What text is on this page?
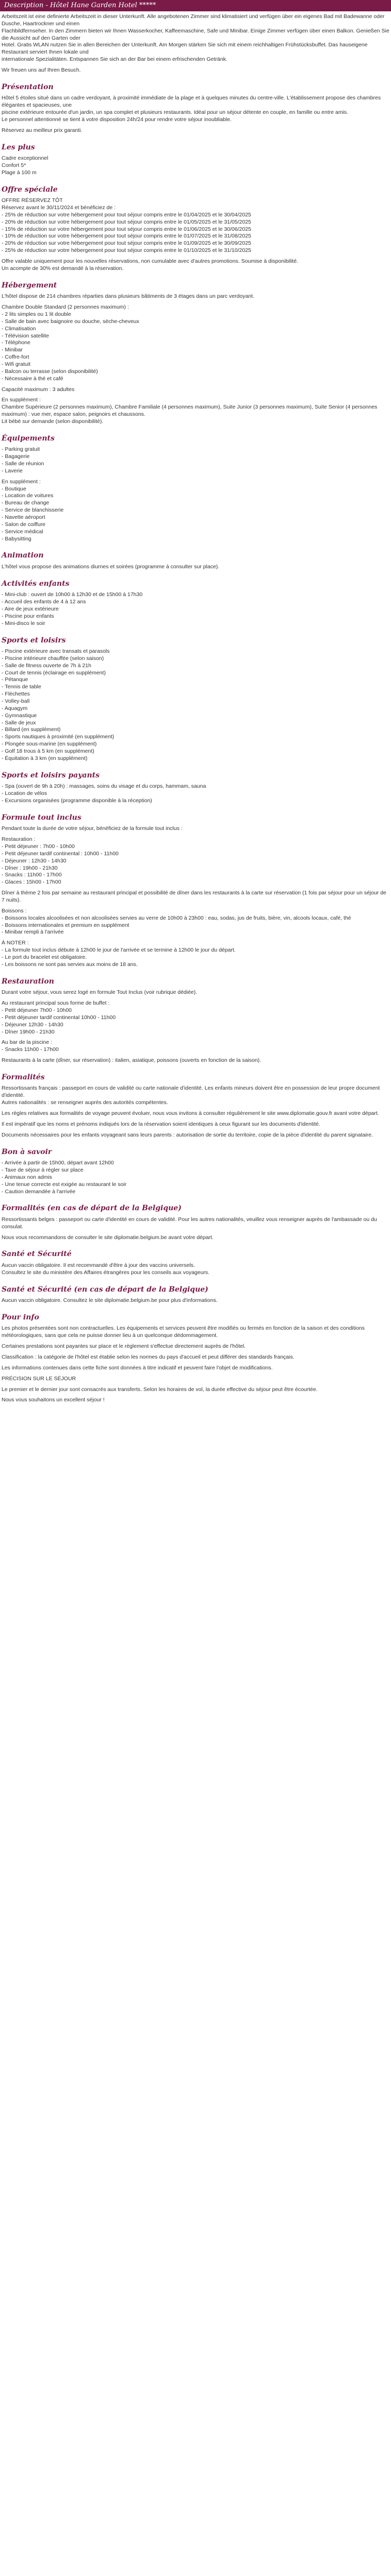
Description - Hôtel Hane Garden Hotel *****
Arbeitszeit ist eine definierte Arbeitszeit in dieser Unterkunft. Alle angebotenen Zimmer sind klimatisiert und verfügen über ein eigenes Bad mit Badewanne oder Dusche, Haartrockner und einen
Flachbildfernseher. In den Zimmern bieten wir Ihnen Wasserkocher, Kaffeemaschine, Safe und Minibar. Einige Zimmer verfügen über einen Balkon. Genießen Sie die Aussicht auf den Garten oder
Hotel. Gratis WLAN nutzen Sie in allen Bereichen der Unterkunft. Am Morgen stärken Sie sich mit einem reichhaltigen Frühstücksbuffet. Das hauseigene Restaurant serviert Ihnen lokale und
internationale Spezialitäten. Entspannen Sie sich an der Bar bei einem erfrischenden Getränk.
Wir freuen uns auf Ihren Besuch.
Présentation

Hôtel 5 étoiles situé dans un cadre verdoyant, à proximité immédiate de la plage et à quelques minutes du centre-ville. L'établissement propose des chambres élégantes et spacieuses, une
piscine extérieure entourée d'un jardin, un spa complet et plusieurs restaurants. Idéal pour un séjour détente en couple, en famille ou entre amis.
Le personnel attentionné se tient à votre disposition 24h/24 pour rendre votre séjour inoubliable.

Réservez au meilleur prix garanti.

Les plus

Cadre exceptionnel
Confort 5*
Plage à 100 m

Offre spéciale

OFFRE RÉSERVEZ TÔT
Réservez avant le 30/11/2024 et bénéficiez de :
- 25% de réduction sur votre hébergement pour tout séjour compris entre le 01/04/2025 et le 30/04/2025
- 20% de réduction sur votre hébergement pour tout séjour compris entre le 01/05/2025 et le 31/05/2025
- 15% de réduction sur votre hébergement pour tout séjour compris entre le 01/06/2025 et le 30/06/2025
- 10% de réduction sur votre hébergement pour tout séjour compris entre le 01/07/2025 et le 31/08/2025
- 20% de réduction sur votre hébergement pour tout séjour compris entre le 01/09/2025 et le 30/09/2025
- 25% de réduction sur votre hébergement pour tout séjour compris entre le 01/10/2025 et le 31/10/2025

Offre valable uniquement pour les nouvelles réservations, non cumulable avec d'autres promotions. Soumise à disponibilité.
Un acompte de 30% est demandé à la réservation.

Hébergement

L'hôtel dispose de 214 chambres réparties dans plusieurs bâtiments de 3 étages dans un parc verdoyant.

Chambre Double Standard (2 personnes maximum) :
- 2 lits simples ou 1 lit double
- Salle de bain avec baignoire ou douche, sèche-cheveux
- Climatisation
- Télévision satellite
- Téléphone
- Minibar
- Coffre-fort
- Wifi gratuit
- Balcon ou terrasse (selon disponibilité)
- Nécessaire à thé et café

Capacité maximum : 3 adultes

En supplément :
Chambre Supérieure (2 personnes maximum), Chambre Familiale (4 personnes maximum), Suite Junior (3 personnes maximum), Suite Senior (4 personnes maximum) : vue mer, espace salon, peignoirs et chaussons.
Lit bébé sur demande (selon disponibilité).

Équipements

- Parking gratuit
- Bagagerie
- Salle de réunion
- Laverie

En supplément :
- Boutique
- Location de voitures
- Bureau de change
- Service de blanchisserie
- Navette aéroport
- Salon de coiffure
- Service médical
- Babysitting

Animation

L'hôtel vous propose des animations diurnes et soirées (programme à consulter sur place).

Activités enfants

- Mini-club : ouvert de 10h00 à 12h30 et de 15h00 à 17h30
- Accueil des enfants de 4 à 12 ans
- Aire de jeux extérieure
- Piscine pour enfants
- Mini-disco le soir

Sports et loisirs

- Piscine extérieure avec transats et parasols
- Piscine intérieure chauffée (selon saison)
- Salle de fitness ouverte de 7h à 21h
- Court de tennis (éclairage en supplément)
- Pétanque
- Tennis de table
- Fléchettes
- Volley-ball
- Aquagym
- Gymnastique
- Salle de jeux
- Billard (en supplément)
- Sports nautiques à proximité (en supplément)
- Plongée sous-marine (en supplément)
- Golf 18 trous à 5 km (en supplément)
- Équitation à 3 km (en supplément)

Sports et loisirs payants

- Spa (ouvert de 9h à 20h) : massages, soins du visage et du corps, hammam, sauna
- Location de vélos
- Excursions organisées (programme disponible à la réception)

Formule tout inclus

Pendant toute la durée de votre séjour, bénéficiez de la formule tout inclus :

Restauration :
- Petit déjeuner : 7h00 - 10h00
- Petit déjeuner tardif continental : 10h00 - 11h00
- Déjeuner : 12h30 - 14h30
- Dîner : 19h00 - 21h30
- Snacks : 11h00 - 17h00
- Glaces : 15h00 - 17h00

Dîner à thème 2 fois par semaine au restaurant principal et possibilité de dîner dans les restaurants à la carte sur réservation (1 fois par séjour pour un séjour de 7 nuits).

Boissons :
- Boissons locales alcoolisées et non alcoolisées servies au verre de 10h00 à 23h00 : eau, sodas, jus de fruits, bière, vin, alcools locaux, café, thé
- Boissons internationales et premium en supplément
- Minibar rempli à l'arrivée

À NOTER :
- La formule tout inclus débute à 12h00 le jour de l'arrivée et se termine à 12h00 le jour du départ.
- Le port du bracelet est obligatoire.
- Les boissons ne sont pas servies aux moins de 18 ans.

Restauration

Durant votre séjour, vous serez logé en formule Tout Inclus (voir rubrique dédiée).

Au restaurant principal sous forme de buffet :
- Petit déjeuner 7h00 - 10h00
- Petit déjeuner tardif continental 10h00 - 11h00
- Déjeuner 12h30 - 14h30
- Dîner 19h00 - 21h30

Au bar de la piscine :
- Snacks 11h00 - 17h00

Restaurants à la carte (dîner, sur réservation) : italien, asiatique, poissons (ouverts en fonction de la saison).

Formalités

Ressortissants français : passeport en cours de validité ou carte nationale d'identité. Les enfants mineurs doivent être en possession de leur propre document d'identité.
Autres nationalités : se renseigner auprès des autorités compétentes.

Les règles relatives aux formalités de voyage peuvent évoluer, nous vous invitons à consulter régulièrement le site www.diplomatie.gouv.fr avant votre départ.

Il est impératif que les noms et prénoms indiqués lors de la réservation soient identiques à ceux figurant sur les documents d'identité.

Documents nécessaires pour les enfants voyageant sans leurs parents : autorisation de sortie du territoire, copie de la pièce d'identité du parent signataire.

Bon à savoir

- Arrivée à partir de 15h00, départ avant 12h00
- Taxe de séjour à régler sur place
- Animaux non admis
- Une tenue correcte est exigée au restaurant le soir
- Caution demandée à l'arrivée

Formalités (en cas de départ de la Belgique)

Ressortissants belges : passeport ou carte d'identité en cours de validité. Pour les autres nationalités, veuillez vous renseigner auprès de l'ambassade ou du consulat.

Nous vous recommandons de consulter le site diplomatie.belgium.be avant votre départ.

Santé et Sécurité

Aucun vaccin obligatoire. Il est recommandé d'être à jour des vaccins universels.
Consultez le site du ministère des Affaires étrangères pour les conseils aux voyageurs.

Santé et Sécurité (en cas de départ de la Belgique)

Aucun vaccin obligatoire. Consultez le site diplomatie.belgium.be pour plus d'informations.

Pour info

Les photos présentées sont non contractuelles. Les équipements et services peuvent être modifiés ou fermés en fonction de la saison et des conditions météorologiques, sans que cela ne puisse donner lieu à un quelconque dédommagement.

Certaines prestations sont payantes sur place et le règlement s'effectue directement auprès de l'hôtel.

Classification : la catégorie de l'hôtel est établie selon les normes du pays d'accueil et peut différer des standards français.

Les informations contenues dans cette fiche sont données à titre indicatif et peuvent faire l'objet de modifications.

PRÉCISION SUR LE SÉJOUR

Le premier et le dernier jour sont consacrés aux transferts. Selon les horaires de vol, la durée effective du séjour peut être écourtée.

Nous vous souhaitons un excellent séjour !
